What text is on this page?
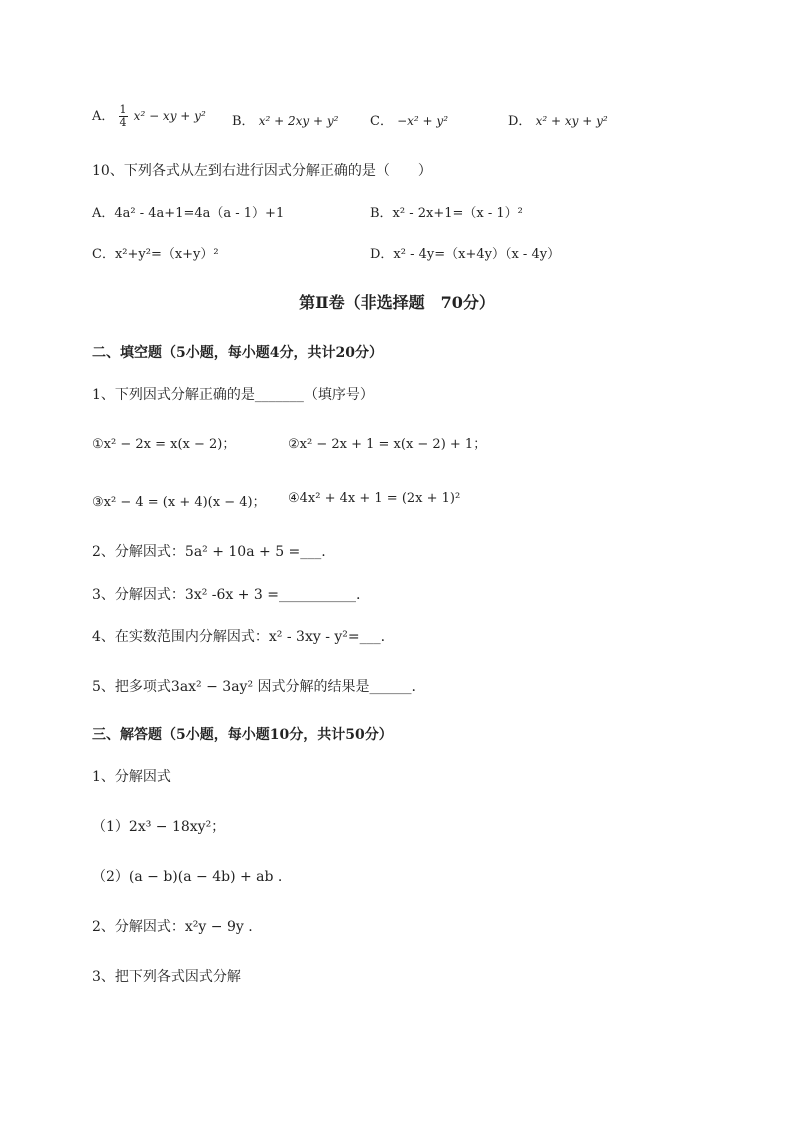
A． $\frac{1}{4} x^2$ − xy + y² B． x² + 2xy + y² C． −x² + y²	D． x² + xy + y²
10、下列各式从左到右进行因式分解正确的是（　　）
A．4a² - 4a+1=4a（a - 1）+1	B．x² - 2x+1=（x - 1）²
C．x²+y²=（x+y）²	D．x² - 4y=（x+4y）（x - 4y）
第Ⅱ卷（非选择题　70分）
二、填空题（5小题，每小题4分，共计20分）
1、下列因式分解正确的是_______（填序号）
①x² − 2x = x(x − 2)；	②x² − 2x + 1 = x(x − 2) + 1；
③x² − 4 = (x + 4)(x − 4)； ④4x² + 4x + 1 = (2x + 1)²
2、分解因式：5a² + 10a + 5 =___.
3、分解因式：3x² -6x + 3 =___________.
4、在实数范围内分解因式：x² - 3xy - y²=___.
5、把多项式3ax² − 3ay² 因式分解的结果是______.
三、解答题（5小题，每小题10分，共计50分）
1、分解因式
（1）2x³ − 18xy²；
（2）(a − b)(a − 4b) + ab .
2、分解因式：x²y − 9y .
3、把下列各式因式分解
